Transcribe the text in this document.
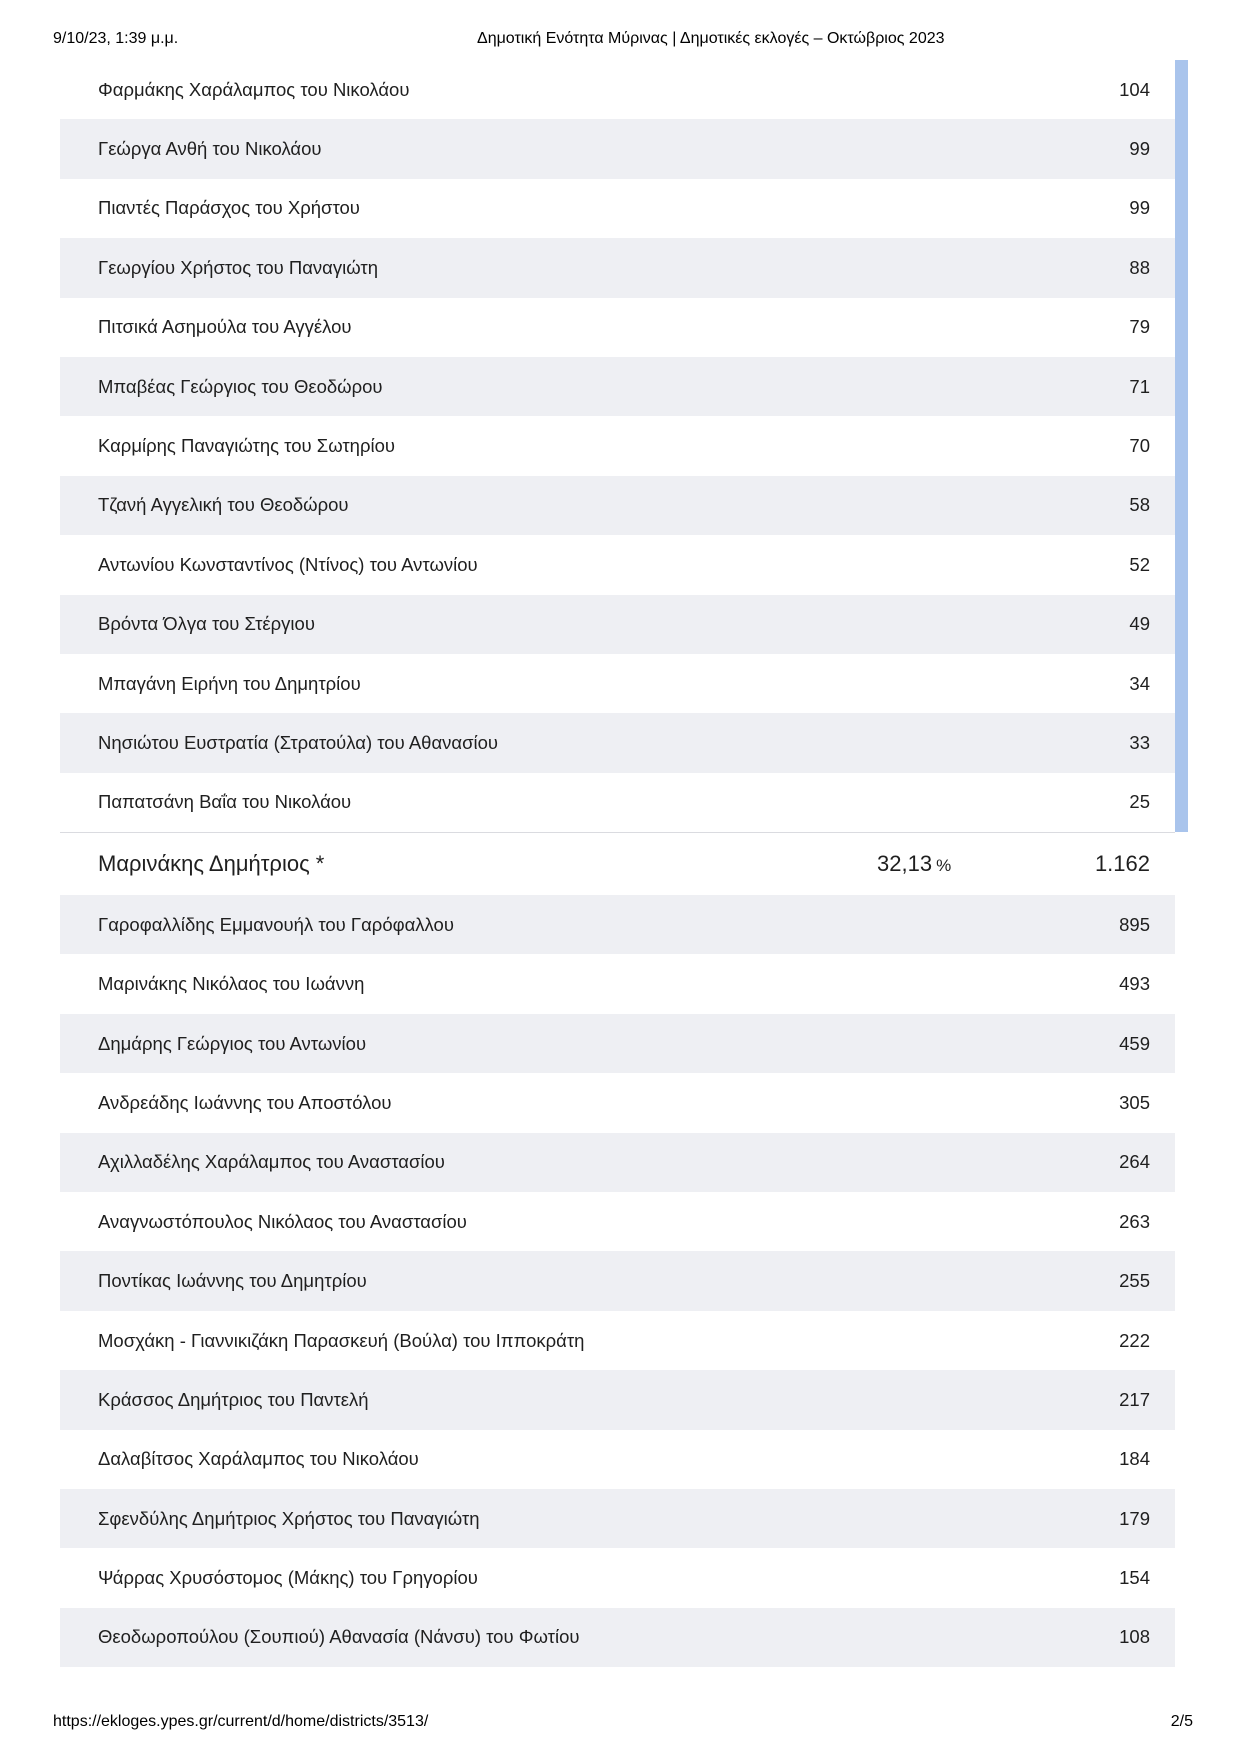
9/10/23, 1:39 μ.μ.	Δημοτική Ενότητα Μύρινας | Δημοτικές εκλογές – Οκτώβριος 2023
Φαρμάκης Χαράλαμπος του Νικολάου	104
Γεώργα Ανθή του Νικολάου	99
Πιαντές Παράσχος του Χρήστου	99
Γεωργίου Χρήστος του Παναγιώτη	88
Πιτσικά Ασημούλα του Αγγέλου	79
Μπαβέας Γεώργιος του Θεοδώρου	71
Καρμίρης Παναγιώτης του Σωτηρίου	70
Τζανή Αγγελική του Θεοδώρου	58
Αντωνίου Κωνσταντίνος (Ντίνος) του Αντωνίου	52
Βρόντα Όλγα του Στέργιου	49
Μπαγάνη Ειρήνη του Δημητρίου	34
Νησιώτου Ευστρατία (Στρατούλα) του Αθανασίου	33
Παπατσάνη Βαΐα του Νικολάου	25
Μαρινάκης Δημήτριος *	32,13 %	1.162
Γαροφαλλίδης Εμμανουήλ του Γαρόφαλλου	895
Μαρινάκης Νικόλαος του Ιωάννη	493
Δημάρης Γεώργιος του Αντωνίου	459
Ανδρεάδης Ιωάννης του Αποστόλου	305
Αχιλλαδέλης Χαράλαμπος του Αναστασίου	264
Αναγνωστόπουλος Νικόλαος του Αναστασίου	263
Ποντίκας Ιωάννης του Δημητρίου	255
Μοσχάκη - Γιαννικιζάκη Παρασκευή (Βούλα) του Ιπποκράτη	222
Κράσσος Δημήτριος του Παντελή	217
Δαλαβίτσος Χαράλαμπος του Νικολάου	184
Σφενδύλης Δημήτριος Χρήστος του Παναγιώτη	179
Ψάρρας Χρυσόστομος (Μάκης) του Γρηγορίου	154
Θεοδωροπούλου (Σουπιού) Αθανασία (Νάνσυ) του Φωτίου	108
https://ekloges.ypes.gr/current/d/home/districts/3513/	2/5
